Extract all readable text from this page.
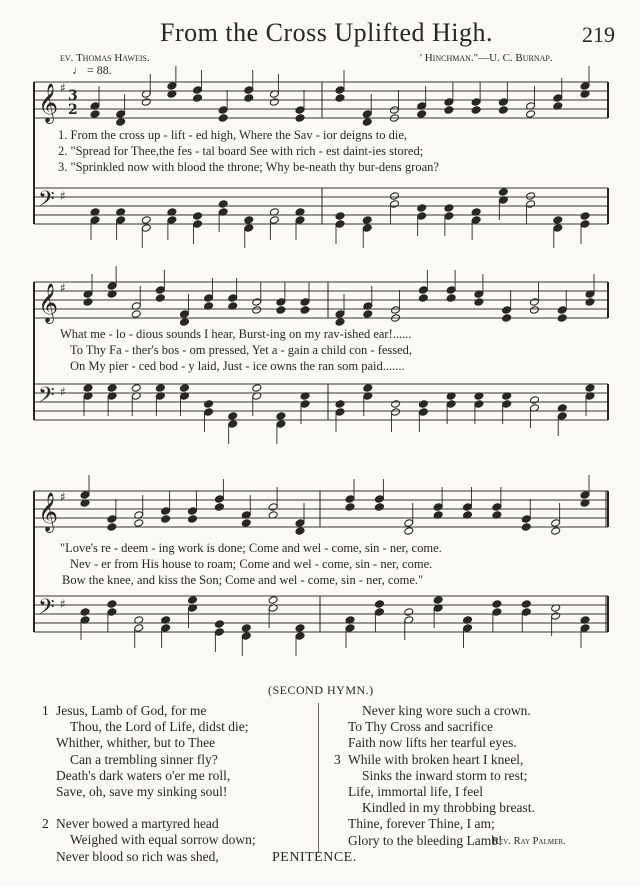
From the Cross Uplifted High.	219
ev. Thomas Haweis.	' Hinchman."—U. C. Burnap.
♩ = 88.
𝄞 ♯
𝄢 ♯
3
2
𝄞 ♯
𝄢 ♯
𝄞 ♯
𝄢 ♯
1. From the cross up - lift - ed high, Where the Sav - ior deigns to die,
2. "Spread for Thee,the fes - tal board See with rich - est daint-ies stored;
3. "Sprinkled now with blood the throne; Why be-neath thy bur-dens groan?
What me - lo - dious sounds I hear, Burst-ing on my rav-ished ear!......
To Thy Fa - ther's bos - om pressed, Yet a - gain a child con - fessed,
On My pier - ced bod - y laid, Just - ice owns the ran som paid.......
"Love's re - deem - ing work is done; Come and wel - come, sin - ner, come.
Nev - er from His house to roam; Come and wel - come, sin - ner, come.
Bow the knee, and kiss the Son; Come and wel - come, sin - ner, come."
(SECOND HYMN.)
1 Jesus, Lamb of God, for me
Thou, the Lord of Life, didst die;
Whither, whither, but to Thee
Can a trembling sinner fly?
Death's dark waters o'er me roll,
Save, oh, save my sinking soul!
2 Never bowed a martyred head
Weighed with equal sorrow down;
Never blood so rich was shed,
Never king wore such a crown.
To Thy Cross and sacrifice
Faith now lifts her tearful eyes.
3 While with broken heart I kneel,
Sinks the inward storm to rest;
Life, immortal life, I feel
Kindled in my throbbing breast.
Thine, forever Thine, I am;
Glory to the bleeding Lamb!
Rev. Ray Palmer.
PENITENCE.
